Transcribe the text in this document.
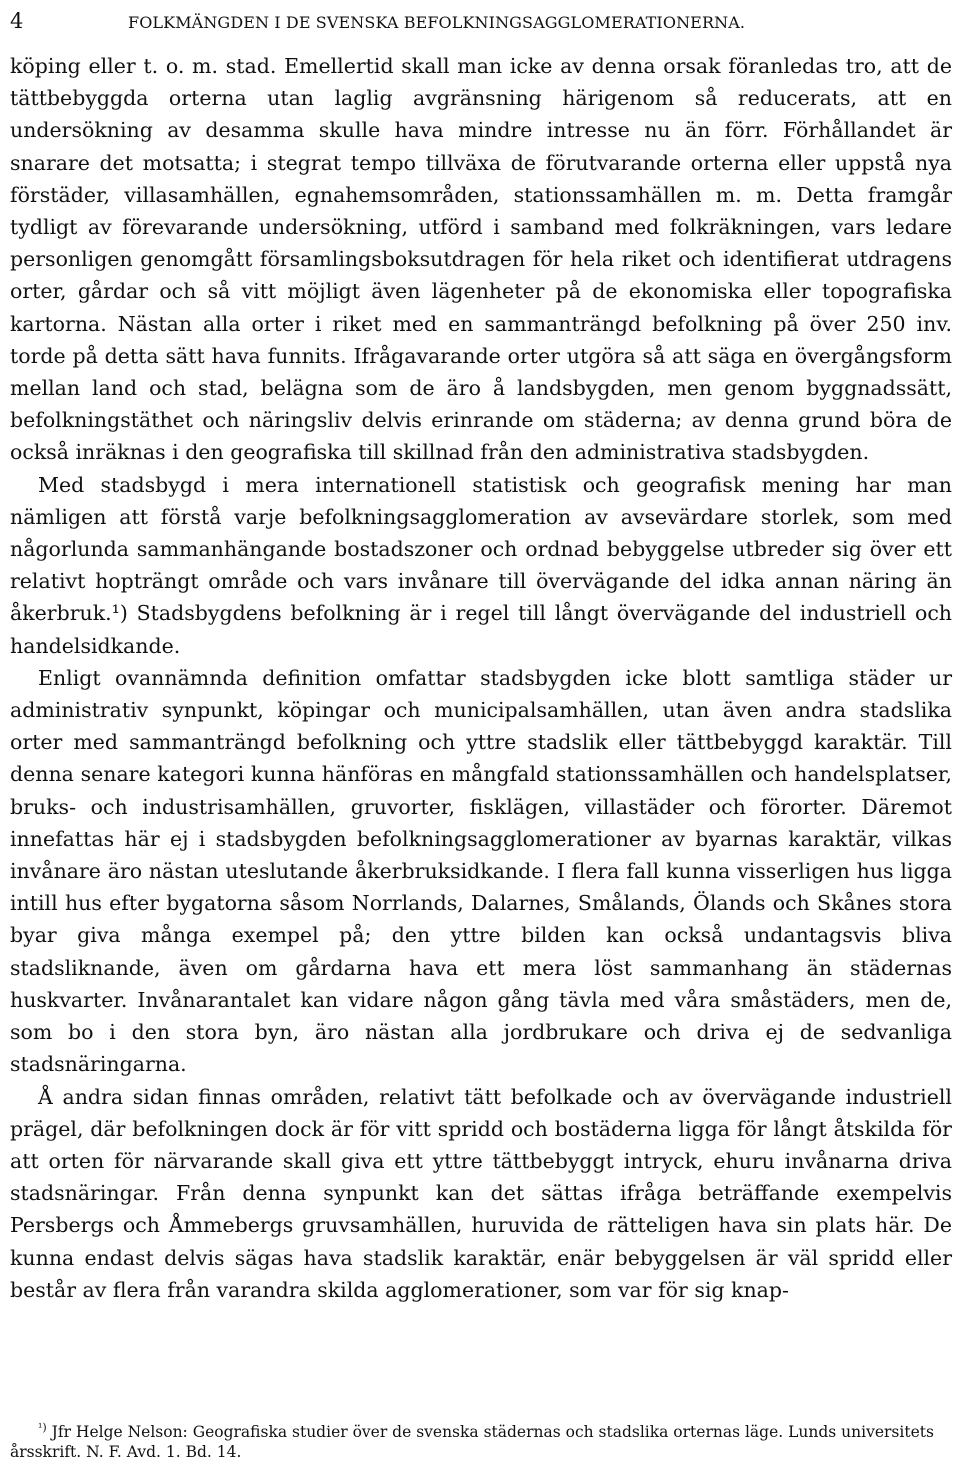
4	FOLKMÄNGDEN I DE SVENSKA BEFOLKNINGSAGGLOMERATIONERNA.

köping eller t. o. m. stad. Emellertid skall man icke av denna orsak föranledas tro, att de tättbebyggda orterna utan laglig avgränsning härigenom så reducerats, att en undersökning av desamma skulle hava mindre intresse nu än förr. Förhållandet är snarare det motsatta; i stegrat tempo tillväxa de förutvarande orterna eller uppstå nya förstäder, villasamhällen, egnahemsområden, stationssamhällen m. m. Detta framgår tydligt av förevarande undersökning, utförd i samband med folkräkningen, vars ledare personligen genomgått församlingsboksutdragen för hela riket och identifierat utdragens orter, gårdar och så vitt möjligt även lägenheter på de ekonomiska eller topografiska kartorna. Nästan alla orter i riket med en sammanträngd befolkning på över 250 inv. torde på detta sätt hava funnits. Ifrågavarande orter utgöra så att säga en övergångsform mellan land och stad, belägna som de äro å landsbygden, men genom byggnadssätt, befolkningstäthet och näringsliv delvis erinrande om städerna; av denna grund böra de också inräknas i den geografiska till skillnad från den administrativa stadsbygden.

Med stadsbygd i mera internationell statistisk och geografisk mening har man nämligen att förstå varje befolkningsagglomeration av avsevärdare storlek, som med någorlunda sammanhängande bostadszoner och ordnad bebyggelse utbreder sig över ett relativt hopträngt område och vars invånare till övervägande del idka annan näring än åkerbruk.¹) Stadsbygdens befolkning är i regel till långt övervägande del industriell och handelsidkande.

Enligt ovannämnda definition omfattar stadsbygden icke blott samtliga städer ur administrativ synpunkt, köpingar och municipalsamhällen, utan även andra stadslika orter med sammanträngd befolkning och yttre stadslik eller tättbebyggd karaktär. Till denna senare kategori kunna hänföras en mångfald stationssamhällen och handelsplatser, bruks- och industrisamhällen, gruvorter, fisklägen, villastäder och förorter. Däremot innefattas här ej i stadsbygden befolkningsagglomerationer av byarnas karaktär, vilkas invånare äro nästan uteslutande åkerbruksidkande. I flera fall kunna visserligen hus ligga intill hus efter bygatorna såsom Norrlands, Dalarnes, Smålands, Ölands och Skånes stora byar giva många exempel på; den yttre bilden kan också undantagsvis bliva stadsliknande, även om gårdarna hava ett mera löst sammanhang än städernas huskvarter. Invånarantalet kan vidare någon gång tävla med våra småstäders, men de, som bo i den stora byn, äro nästan alla jordbrukare och driva ej de sedvanliga stadsnäringarna.

Å andra sidan finnas områden, relativt tätt befolkade och av övervägande industriell prägel, där befolkningen dock är för vitt spridd och bostäderna ligga för långt åtskilda för att orten för närvarande skall giva ett yttre tättbebyggt intryck, ehuru invånarna driva stadsnäringar. Från denna synpunkt kan det sättas ifråga beträffande exempelvis Persbergs och Åmmebergs gruvsamhällen, huruvida de rätteligen hava sin plats här. De kunna endast delvis sägas hava stadslik karaktär, enär bebyggelsen är väl spridd eller består av flera från varandra skilda agglomerationer, som var för sig knap-

$^{^1)}$ Jfr Helge Nelson: Geografiska studier över de svenska städernas och stadslika orternas läge. Lunds universitets årsskrift. N. F. Avd. 1. Bd. 14.
